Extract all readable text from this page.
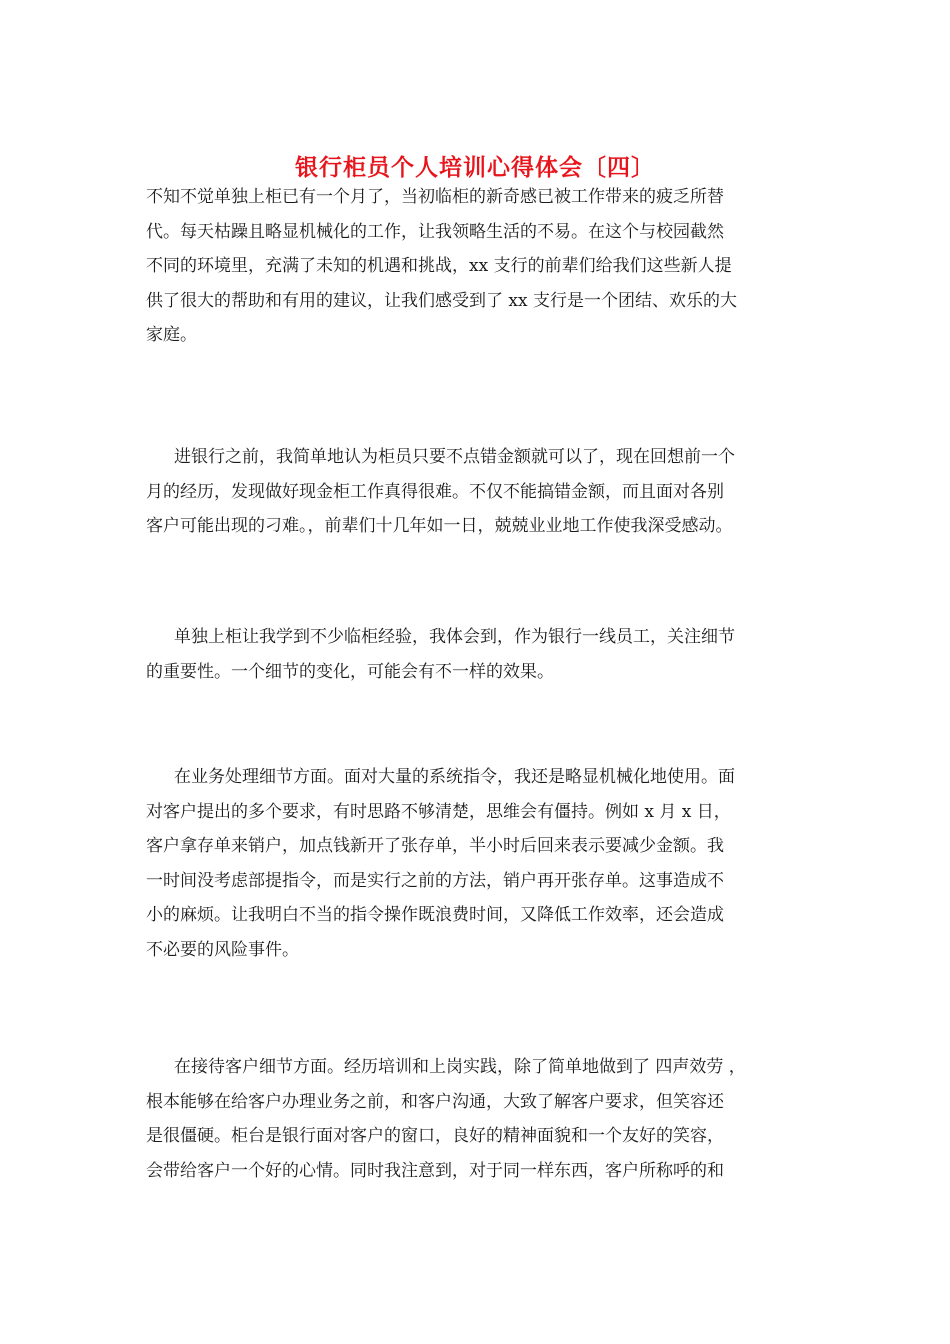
银行柜员个人培训心得体会〔四〕

不知不觉单独上柜已有一个月了，当初临柜的新奇感已被工作带来的疲乏所替
代。每天枯躁且略显机械化的工作，让我领略生活的不易。在这个与校园截然
不同的环境里，充满了未知的机遇和挑战，xx 支行的前辈们给我们这些新人提
供了很大的帮助和有用的建议，让我们感受到了 xx 支行是一个团结、欢乐的大
家庭。

进银行之前，我简单地认为柜员只要不点错金额就可以了，现在回想前一个
月的经历，发现做好现金柜工作真得很难。不仅不能搞错金额，而且面对各别
客户可能出现的刁难。，前辈们十几年如一日，兢兢业业地工作使我深受感动。

单独上柜让我学到不少临柜经验，我体会到，作为银行一线员工，关注细节
的重要性。一个细节的变化，可能会有不一样的效果。

在业务处理细节方面。面对大量的系统指令，我还是略显机械化地使用。面
对客户提出的多个要求，有时思路不够清楚，思维会有僵持。例如 x 月 x 日，
客户拿存单来销户，加点钱新开了张存单，半小时后回来表示要减少金额。我
一时间没考虑部提指令，而是实行之前的方法，销户再开张存单。这事造成不
小的麻烦。让我明白不当的指令操作既浪费时间，又降低工作效率，还会造成
不必要的风险事件。

在接待客户细节方面。经历培训和上岗实践，除了简单地做到了 四声效劳 ，
根本能够在给客户办理业务之前，和客户沟通，大致了解客户要求，但笑容还
是很僵硬。柜台是银行面对客户的窗口，良好的精神面貌和一个友好的笑容，
会带给客户一个好的心情。同时我注意到，对于同一样东西，客户所称呼的和
